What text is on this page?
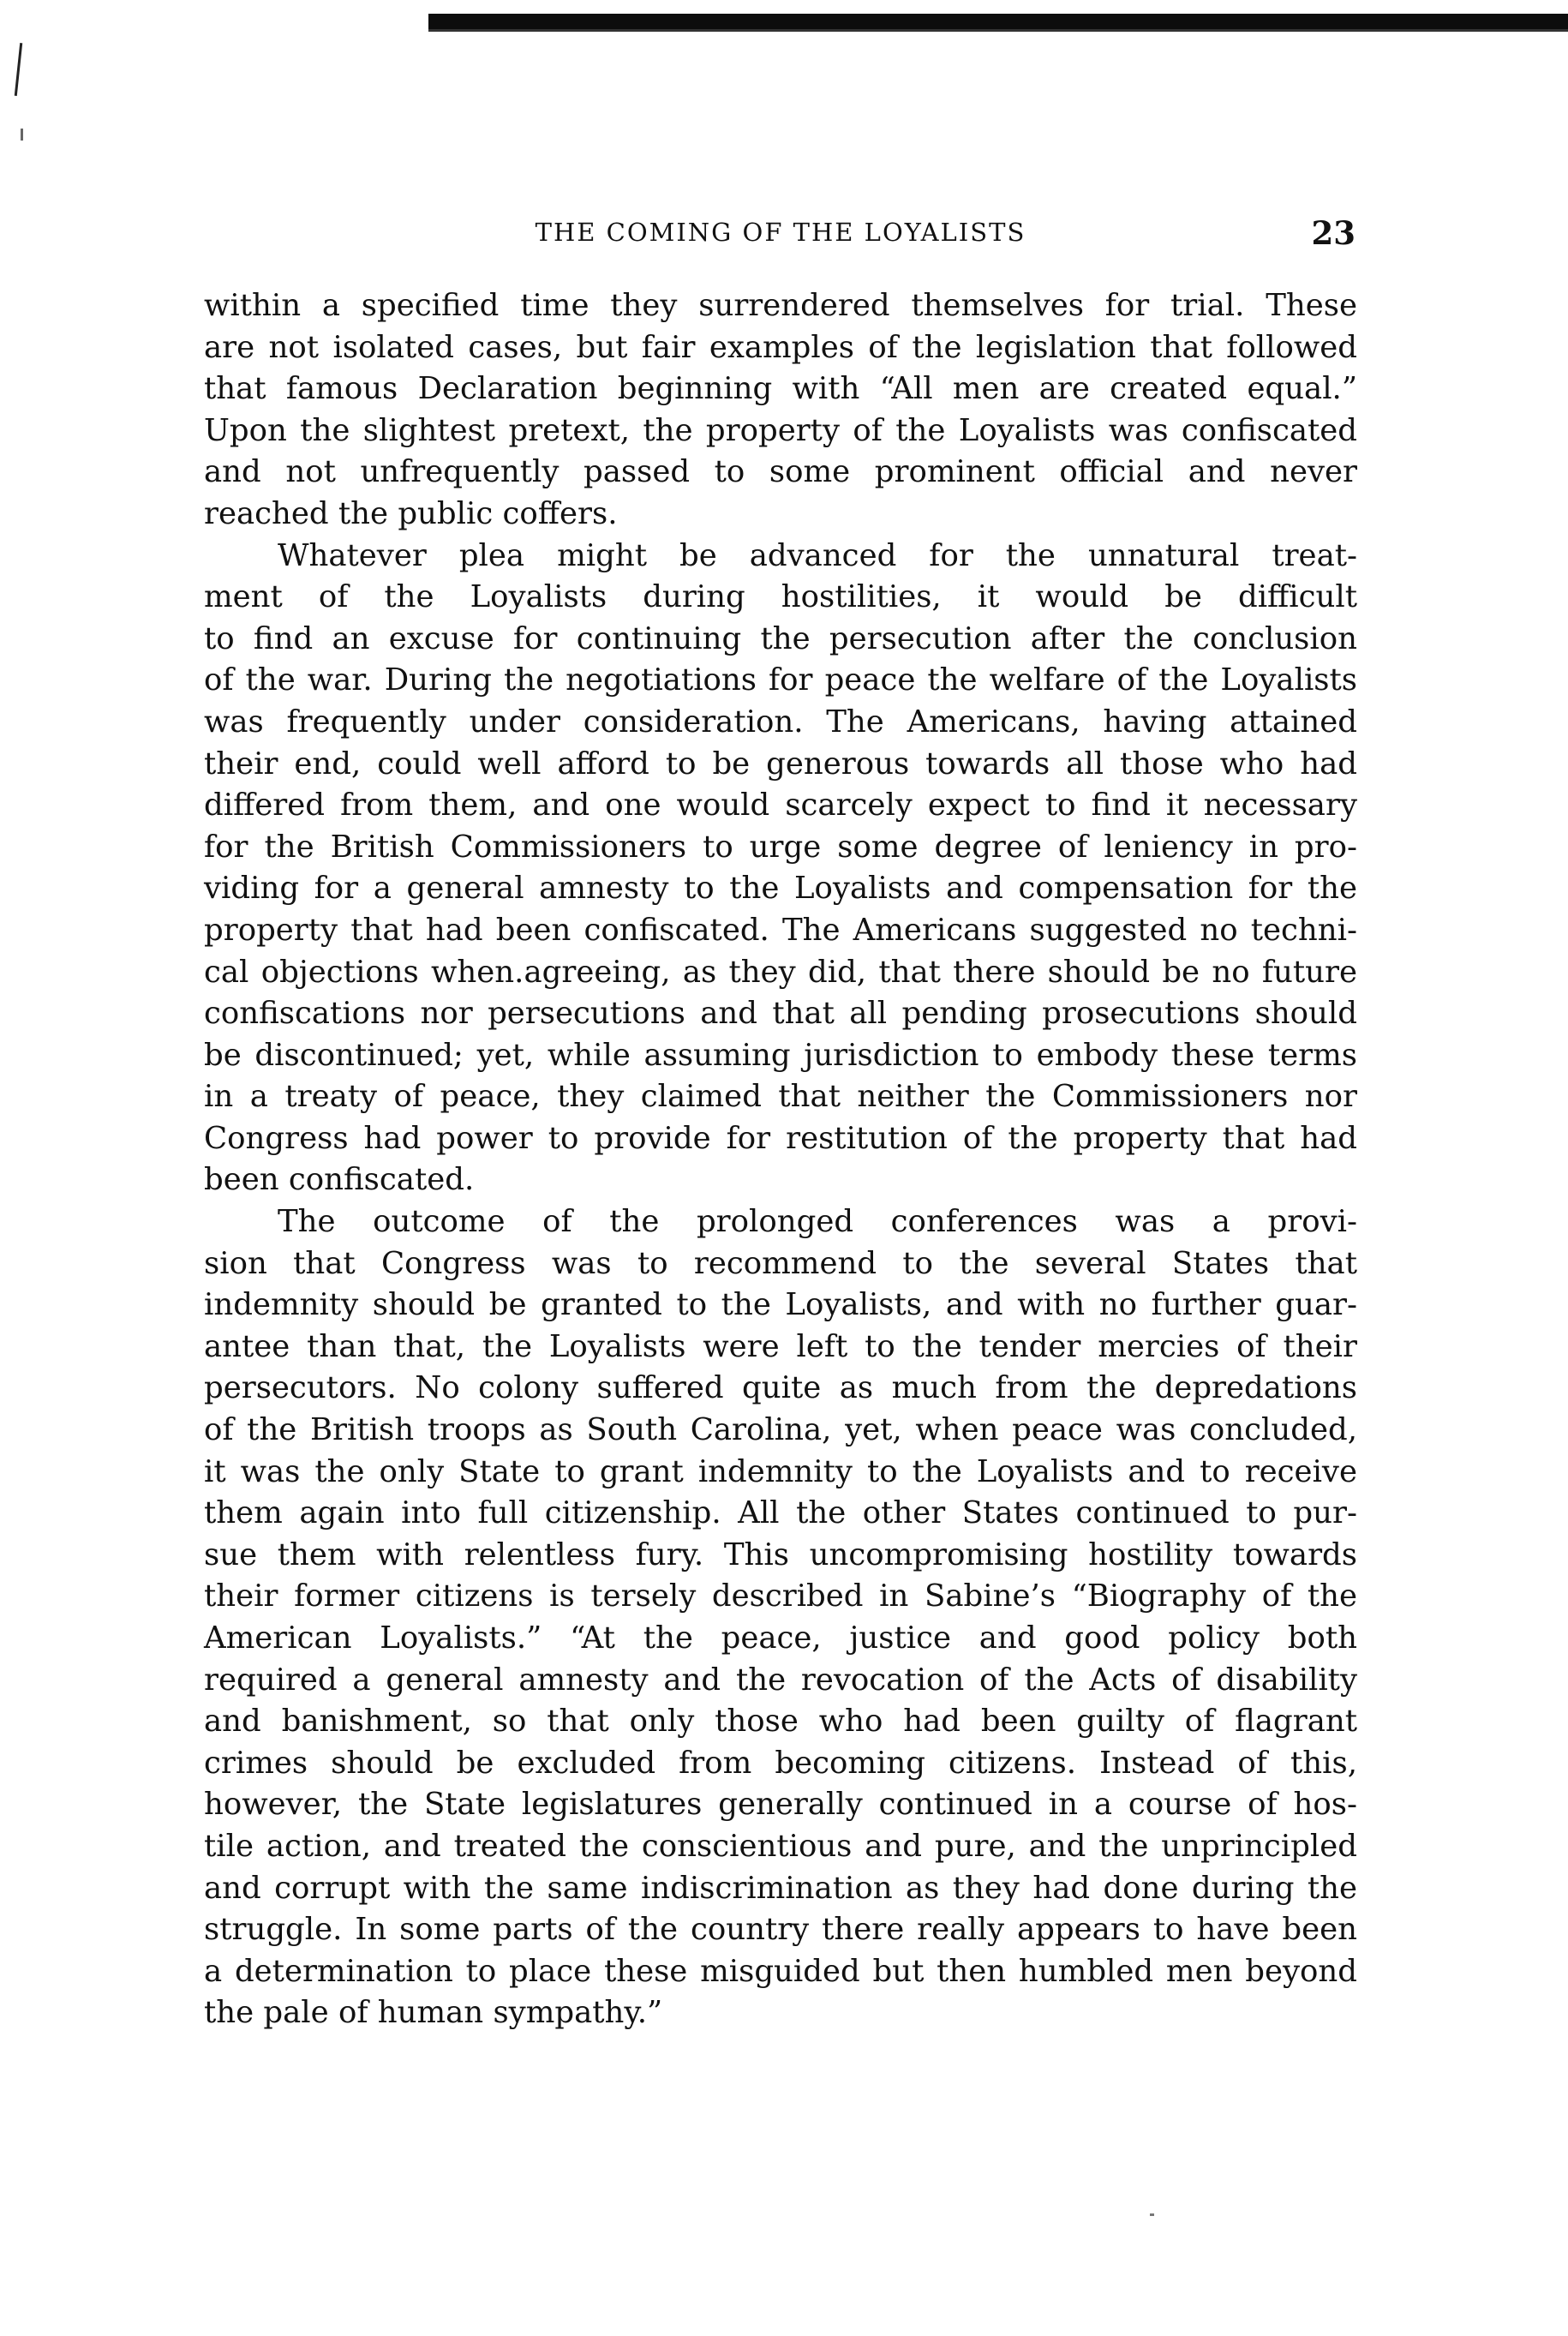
THE COMING OF THE LOYALISTS	23
within a specified time they surrendered themselves for trial. These
are not isolated cases, but fair examples of the legislation that followed
that famous Declaration beginning with “All men are created equal.”
Upon the slightest pretext, the property of the Loyalists was confiscated
and not unfrequently passed to some prominent official and never
reached the public coffers.
Whatever plea might be advanced for the unnatural treat-
ment of the Loyalists during hostilities, it would be difficult
to find an excuse for continuing the persecution after the conclusion
of the war. During the negotiations for peace the welfare of the Loyalists
was frequently under consideration. The Americans, having attained
their end, could well afford to be generous towards all those who had
differed from them, and one would scarcely expect to find it necessary
for the British Commissioners to urge some degree of leniency in pro-
viding for a general amnesty to the Loyalists and compensation for the
property that had been confiscated. The Americans suggested no techni-
cal objections when.agreeing, as they did, that there should be no future
confiscations nor persecutions and that all pending prosecutions should
be discontinued; yet, while assuming jurisdiction to embody these terms
in a treaty of peace, they claimed that neither the Commissioners nor
Congress had power to provide for restitution of the property that had
been confiscated.
The outcome of the prolonged conferences was a provi-
sion that Congress was to recommend to the several States that
indemnity should be granted to the Loyalists, and with no further guar-
antee than that, the Loyalists were left to the tender mercies of their
persecutors. No colony suffered quite as much from the depredations
of the British troops as South Carolina, yet, when peace was concluded,
it was the only State to grant indemnity to the Loyalists and to receive
them again into full citizenship. All the other States continued to pur-
sue them with relentless fury. This uncompromising hostility towards
their former citizens is tersely described in Sabine’s “Biography of the
American Loyalists.” “At the peace, justice and good policy both
required a general amnesty and the revocation of the Acts of disability
and banishment, so that only those who had been guilty of flagrant
crimes should be excluded from becoming citizens. Instead of this,
however, the State legislatures generally continued in a course of hos-
tile action, and treated the conscientious and pure, and the unprincipled
and corrupt with the same indiscrimination as they had done during the
struggle. In some parts of the country there really appears to have been
a determination to place these misguided but then humbled men beyond
the pale of human sympathy.”
